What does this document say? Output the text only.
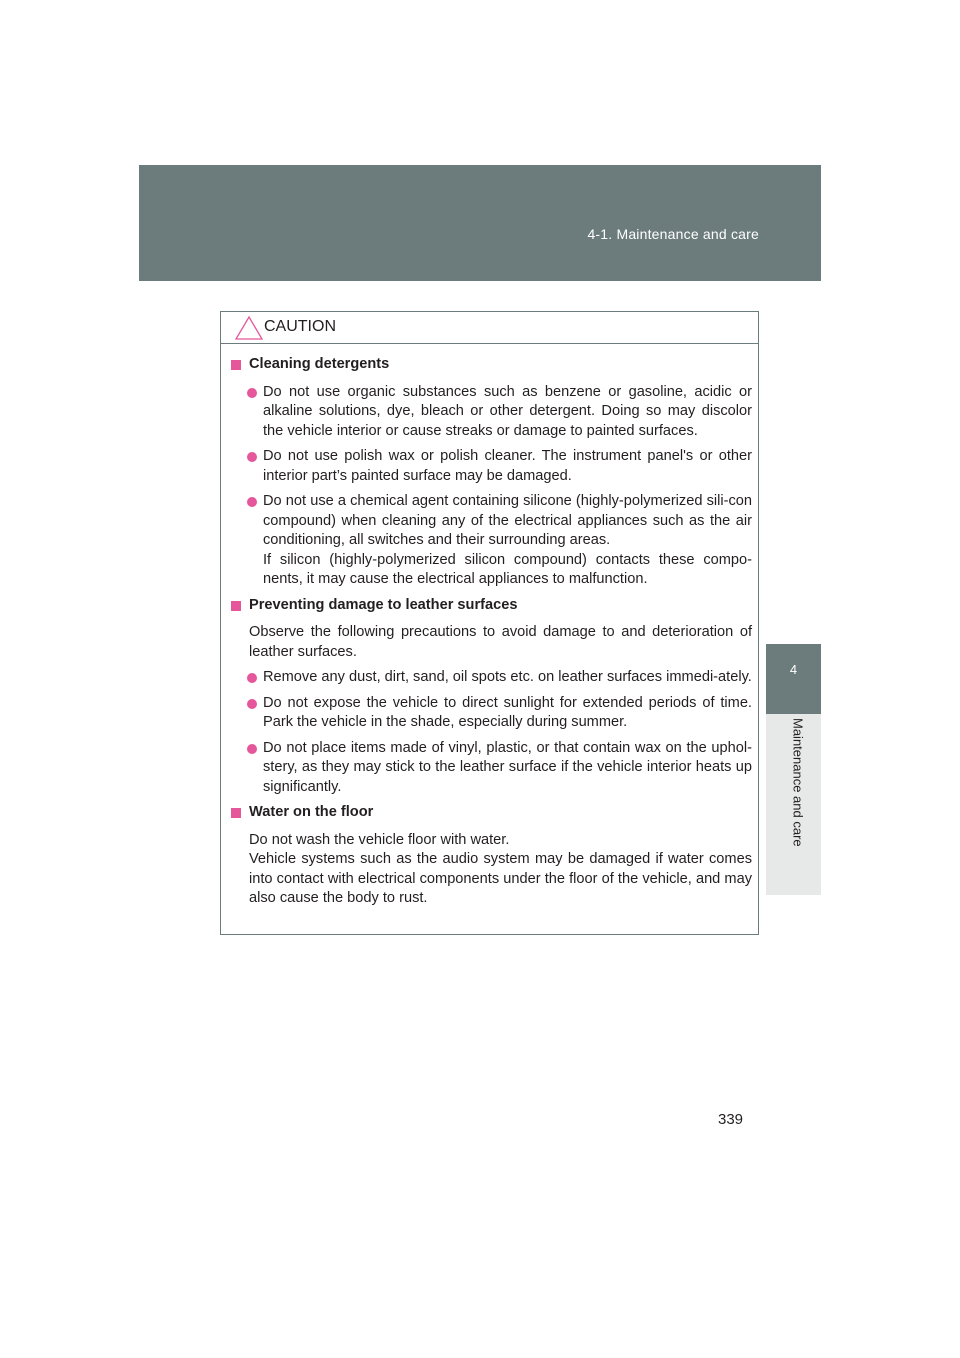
4-1. Maintenance and care
4
Maintenance and care
CAUTION
Cleaning detergents
Do not use organic substances such as benzene or gasoline, acidic or alkaline solutions, dye, bleach or other detergent. Doing so may discolor the vehicle interior or cause streaks or damage to painted surfaces.
Do not use polish wax or polish cleaner. The instrument panel's or other interior part’s painted surface may be damaged.
Do not use a chemical agent containing silicone (highly-polymerized sili-con compound) when cleaning any of the electrical appliances such as the air conditioning, all switches and their surrounding areas.
If silicon (highly-polymerized silicon compound) contacts these compo-nents, it may cause the electrical appliances to malfunction.
Preventing damage to leather surfaces
Observe the following precautions to avoid damage to and deterioration of leather surfaces.
Remove any dust, dirt, sand, oil spots etc. on leather surfaces immedi-ately.
Do not expose the vehicle to direct sunlight for extended periods of time. Park the vehicle in the shade, especially during summer.
Do not place items made of vinyl, plastic, or that contain wax on the uphol-stery, as they may stick to the leather surface if the vehicle interior heats up significantly.
Water on the floor
Do not wash the vehicle floor with water.
Vehicle systems such as the audio system may be damaged if water comes into contact with electrical components under the floor of the vehicle, and may also cause the body to rust.
339
